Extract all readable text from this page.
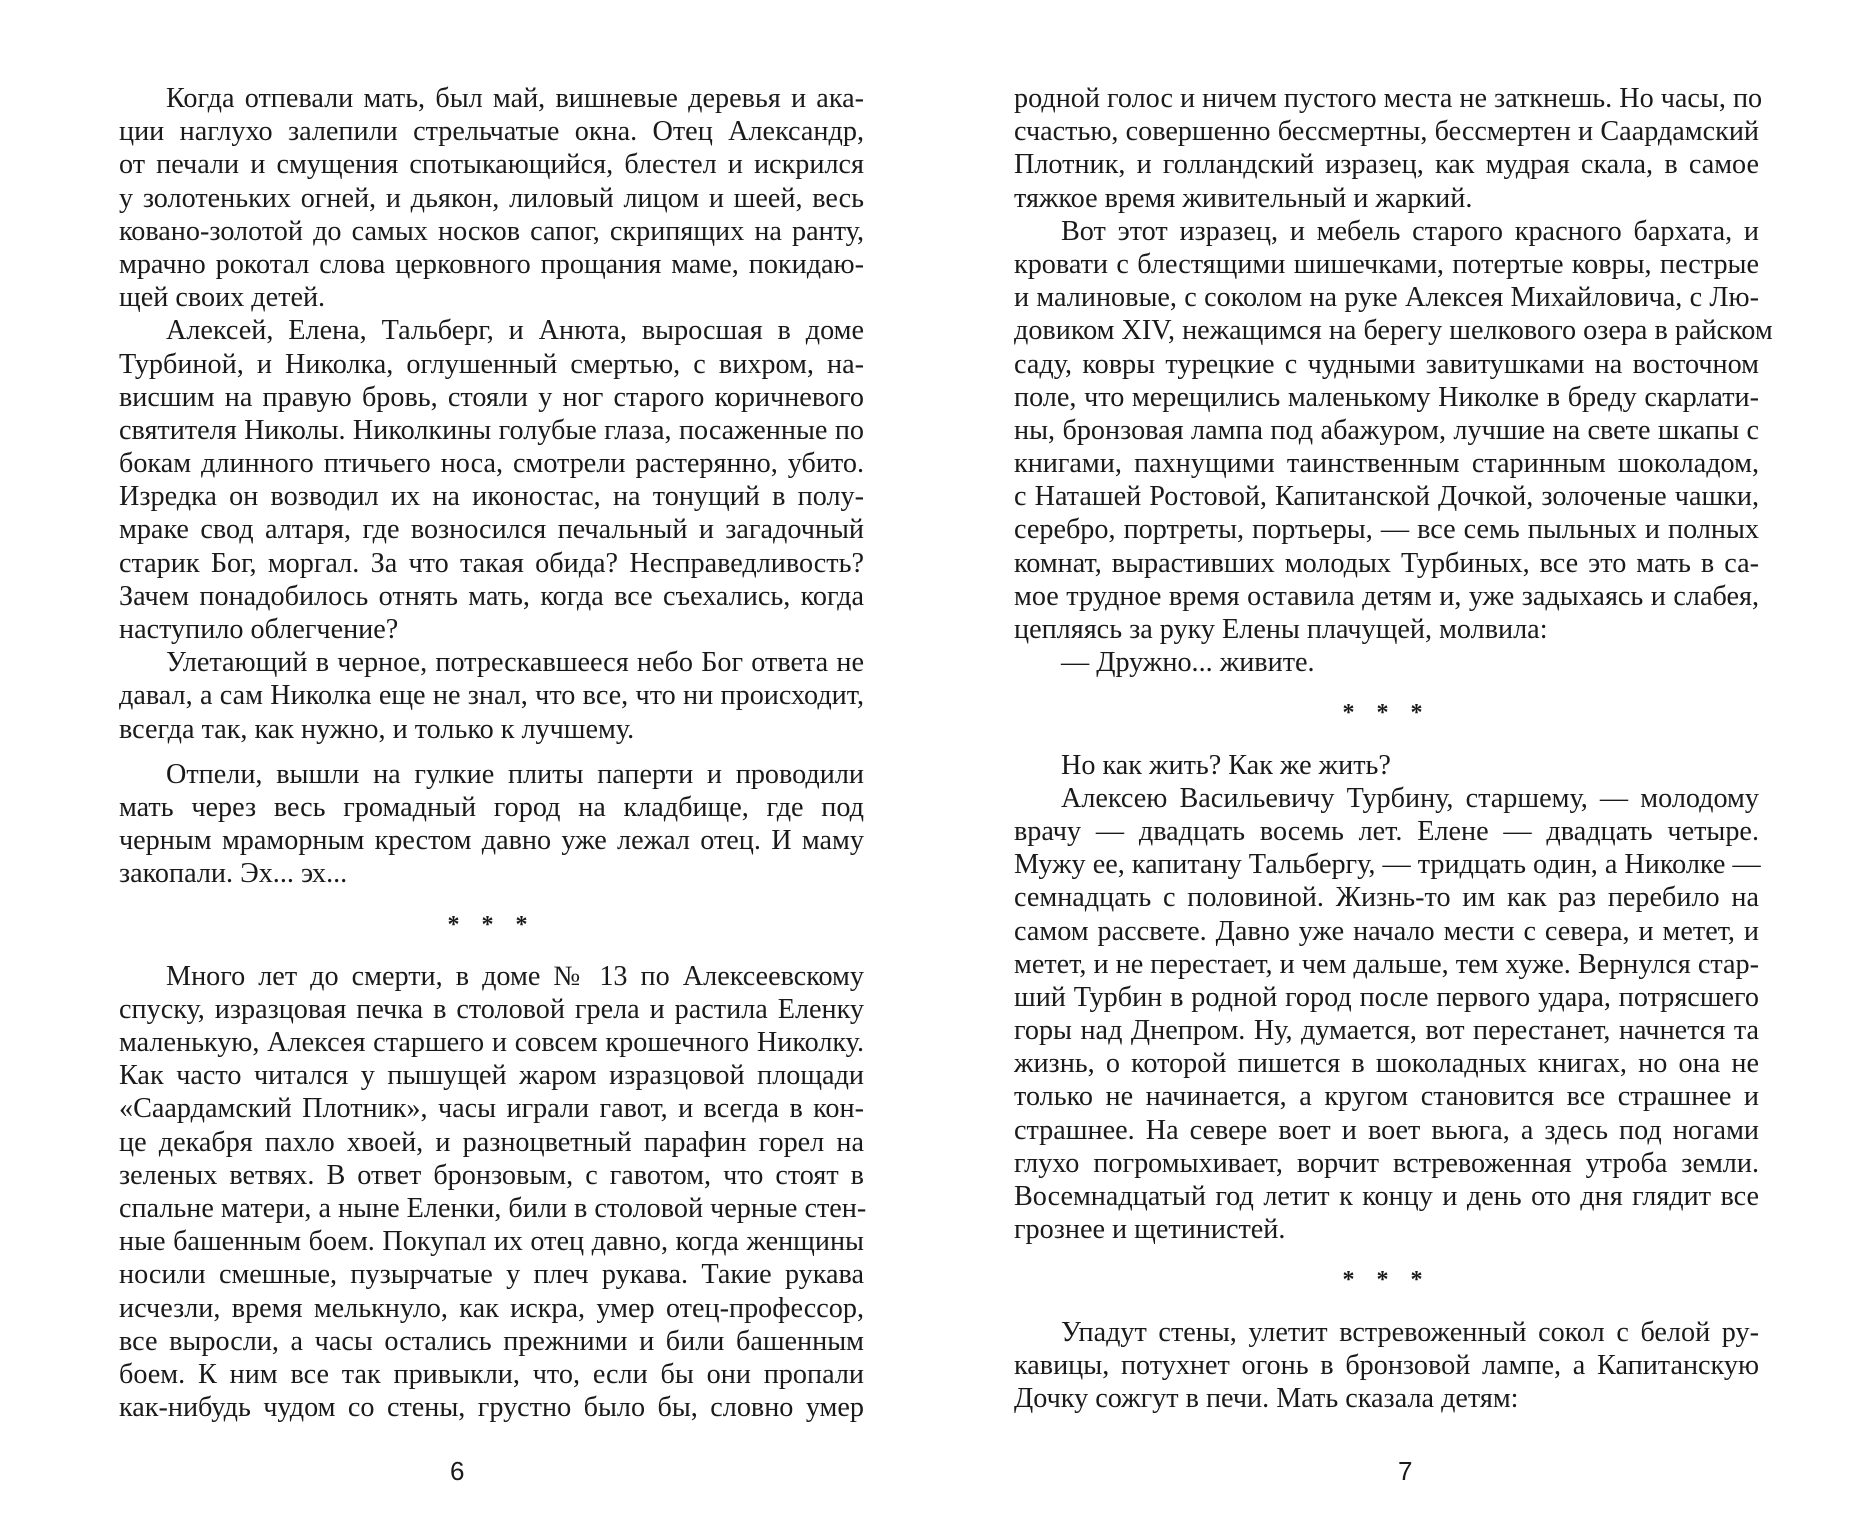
Когда отпевали мать, был май, вишневые деревья и ака-
ции наглухо залепили стрельчатые окна. Отец Александр,
от печали и смущения спотыкающийся, блестел и искрился
у золотеньких огней, и дьякон, лиловый лицом и шеей, весь
ковано-золотой до самых носков сапог, скрипящих на ранту,
мрачно рокотал слова церковного прощания маме, покидаю-
щей своих детей.
Алексей, Елена, Тальберг, и Анюта, выросшая в доме
Турбиной, и Николка, оглушенный смертью, с вихром, на-
висшим на правую бровь, стояли у ног старого коричневого
святителя Николы. Николкины голубые глаза, посаженные по
бокам длинного птичьего носа, смотрели растерянно, убито.
Изредка он возводил их на иконостас, на тонущий в полу-
мраке свод алтаря, где возносился печальный и загадочный
старик Бог, моргал. За что такая обида? Несправедливость?
Зачем понадобилось отнять мать, когда все съехались, когда
наступило облегчение?
Улетающий в черное, потрескавшееся небо Бог ответа не
давал, а сам Николка еще не знал, что все, что ни происходит,
всегда так, как нужно, и только к лучшему.
Отпели, вышли на гулкие плиты паперти и проводили
мать через весь громадный город на кладбище, где под
черным мраморным крестом давно уже лежал отец. И маму
закопали. Эх... эх...
* * *
Много лет до смерти, в доме № 13 по Алексеевскому
спуску, изразцовая печка в столовой грела и растила Еленку
маленькую, Алексея старшего и совсем крошечного Николку.
Как часто читался у пышущей жаром изразцовой площади
«Саардамский Плотник», часы играли гавот, и всегда в кон-
це декабря пахло хвоей, и разноцветный парафин горел на
зеленых ветвях. В ответ бронзовым, с гавотом, что стоят в
спальне матери, а ныне Еленки, били в столовой черные стен-
ные башенным боем. Покупал их отец давно, когда женщины
носили смешные, пузырчатые у плеч рукава. Такие рукава
исчезли, время мелькнуло, как искра, умер отец-профессор,
все выросли, а часы остались прежними и били башенным
боем. К ним все так привыкли, что, если бы они пропали
как-нибудь чудом со стены, грустно было бы, словно умер
родной голос и ничем пустого места не заткнешь. Но часы, по
счастью, совершенно бессмертны, бессмертен и Саардамский
Плотник, и голландский изразец, как мудрая скала, в самое
тяжкое время живительный и жаркий.
Вот этот изразец, и мебель старого красного бархата, и
кровати с блестящими шишечками, потертые ковры, пестрые
и малиновые, с соколом на руке Алексея Михайловича, с Лю-
довиком XIV, нежащимся на берегу шелкового озера в райском
саду, ковры турецкие с чудными завитушками на восточном
поле, что мерещились маленькому Николке в бреду скарлати-
ны, бронзовая лампа под абажуром, лучшие на свете шкапы с
книгами, пахнущими таинственным старинным шоколадом,
с Наташей Ростовой, Капитанской Дочкой, золоченые чашки,
серебро, портреты, портьеры, — все семь пыльных и полных
комнат, вырастивших молодых Турбиных, все это мать в са-
мое трудное время оставила детям и, уже задыхаясь и слабея,
цепляясь за руку Елены плачущей, молвила:
— Дружно... живите.
* * *
Но как жить? Как же жить?
Алексею Васильевичу Турбину, старшему, — молодому
врачу — двадцать восемь лет. Елене — двадцать четыре.
Мужу ее, капитану Тальбергу, — тридцать один, а Николке —
семнадцать с половиной. Жизнь-то им как раз перебило на
самом рассвете. Давно уже начало мести с севера, и метет, и
метет, и не перестает, и чем дальше, тем хуже. Вернулся стар-
ший Турбин в родной город после первого удара, потрясшего
горы над Днепром. Ну, думается, вот перестанет, начнется та
жизнь, о которой пишется в шоколадных книгах, но она не
только не начинается, а кругом становится все страшнее и
страшнее. На севере воет и воет вьюга, а здесь под ногами
глухо погромыхивает, ворчит встревоженная утроба земли.
Восемнадцатый год летит к концу и день ото дня глядит все
грознее и щетинистей.
* * *
Упадут стены, улетит встревоженный сокол с белой ру-
кавицы, потухнет огонь в бронзовой лампе, а Капитанскую
Дочку сожгут в печи. Мать сказала детям:
6	7
